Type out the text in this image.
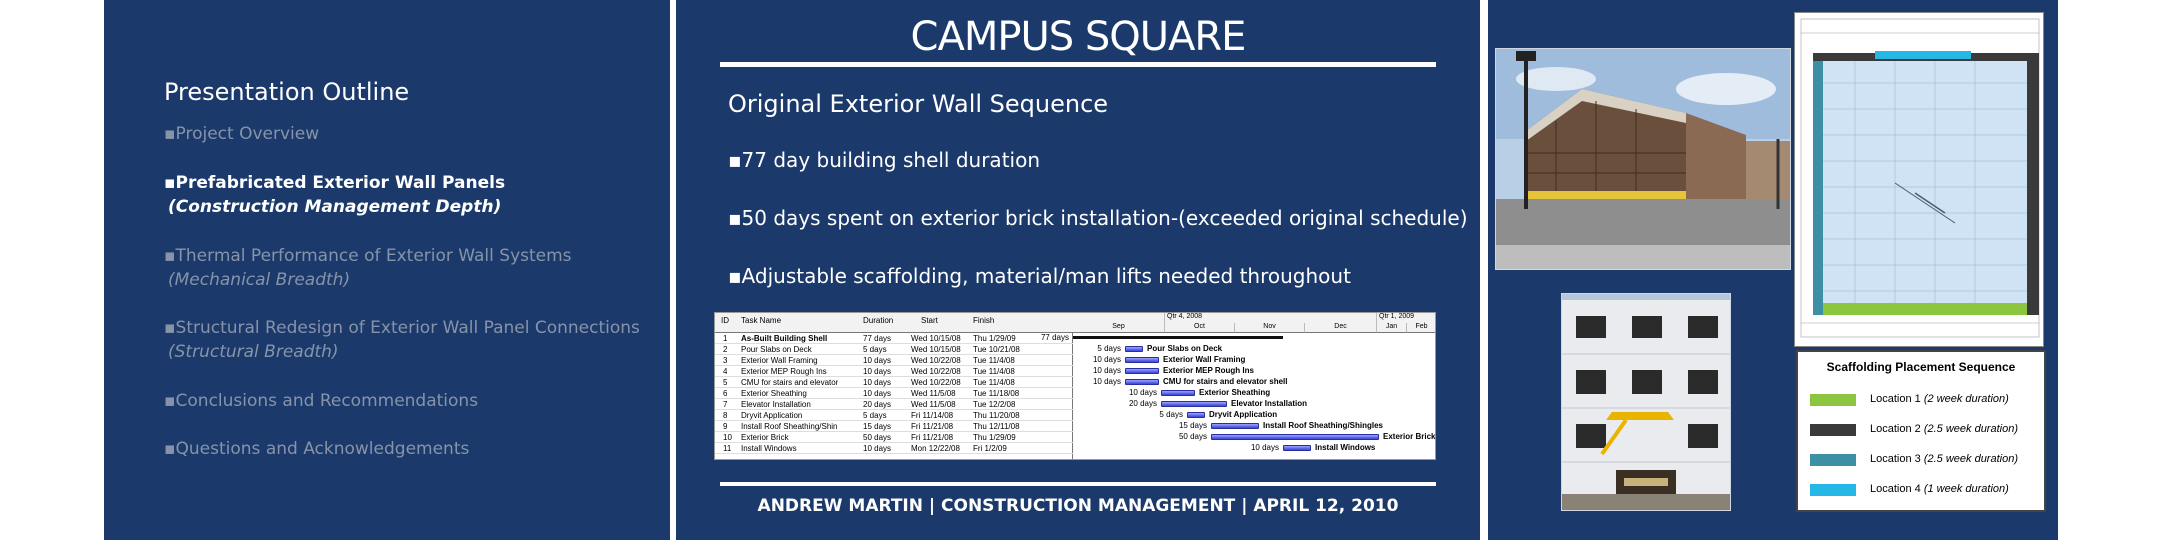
Presentation Outline
▪Project Overview
▪Prefabricated Exterior Wall Panels
(Construction Management Depth)
▪Thermal Performance of Exterior Wall Systems
(Mechanical Breadth)
▪Structural Redesign of Exterior Wall Panel Connections
(Structural Breadth)
▪Conclusions and Recommendations
▪Questions and Acknowledgements
CAMPUS SQUARE
Original Exterior Wall Sequence
▪77 day building shell duration
▪50 days spent on exterior brick installation-(exceeded original schedule)
▪Adjustable scaffolding, material/man lifts needed throughout
ID Task Name	Duration	Start	Finish
1 As-Built Building Shell	77 days Wed 10/15/08 Thu 1/29/09
2 Pour Slabs on Deck	5 days	Wed 10/15/08 Tue 10/21/08
3 Exterior Wall Framing	10 days Wed 10/22/08 Tue 11/4/08
4 Exterior MEP Rough Ins	10 days Wed 10/22/08 Tue 11/4/08
5 CMU for stairs and elevator	10 days Wed 10/22/08 Tue 11/4/08
6 Exterior Sheathing	10 days Wed 11/5/08 Tue 11/18/08
7 Elevator Installation	20 days Wed 11/5/08 Tue 12/2/08
8 Dryvit Application	5 days	Fri 11/14/08 Thu 11/20/08
9 Install Roof Sheathing/Shin	15 days Fri 11/21/08 Thu 12/11/08
10 Exterior Brick	50 days Fri 11/21/08 Thu 1/29/09
11 Install Windows	10 days Mon 12/22/08 Fri 1/2/09
Qtr 4, 2008	Qtr 1, 2009
Sep	Oct	Nov	Dec	Jan	Feb
77 days
5 days	Pour Slabs on Deck
10 days	Exterior Wall Framing
10 days	Exterior MEP Rough Ins
10 days	CMU for stairs and elevator shell
10 days	Exterior Sheathing
20 days	Elevator Installation
5 days	Dryvit Application
15 days	Install Roof Sheathing/Shingles
50 days	Exterior Brick
10 days	Install Windows
ANDREW MARTIN | CONSTRUCTION MANAGEMENT | APRIL 12, 2010
Scaffolding Placement Sequence
Location 1 (2 week duration)
Location 2 (2.5 week duration)
Location 3 (2.5 week duration)
Location 4 (1 week duration)
